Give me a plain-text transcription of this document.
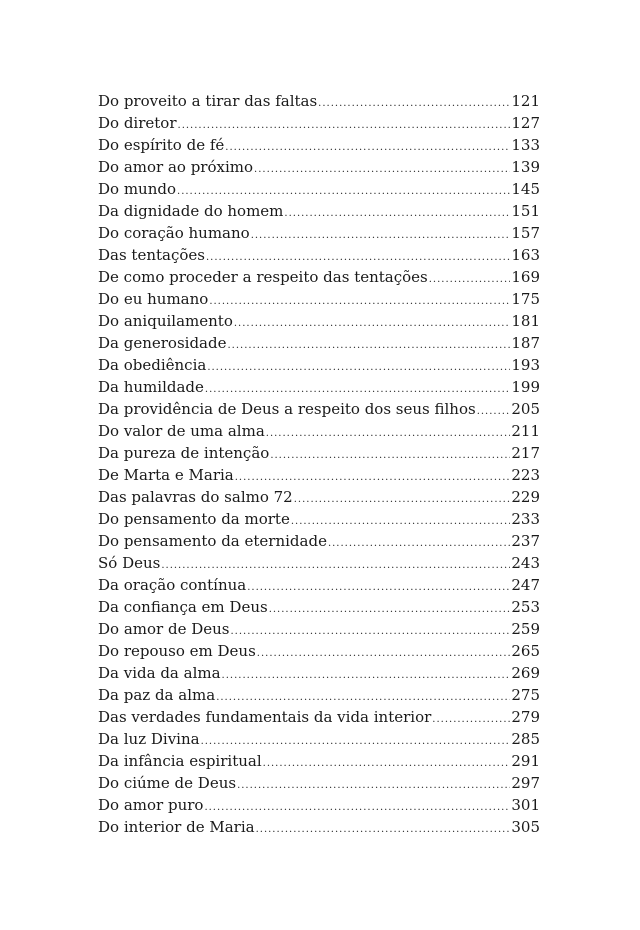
Do proveito a tirar das faltas .....	121
Do diretor .....	127
Do espírito de fé .....	133
Do amor ao próximo .....	139
Do mundo .....	145
Da dignidade do homem .....	151
Do coração humano .....	157
Das tentações .....	163
De como proceder a respeito das tentações .....	169
Do eu humano .....	175
Do aniquilamento .....	181
Da generosidade .....	187
Da obediência .....	193
Da humildade .....	199
Da providência de Deus a respeito dos seus filhos ..... 205
Do valor de uma alma .....	211
Da pureza de intenção .....	217
De Marta e Maria .....	223
Das palavras do salmo 72 .....	229
Do pensamento da morte .....	233
Do pensamento da eternidade .....	237
Só Deus .....	243
Da oração contínua .....	247
Da confiança em Deus .....	253
Do amor de Deus .....	259
Do repouso em Deus .....	265
Da vida da alma .....	269
Da paz da alma .....	275
Das verdades fundamentais da vida interior .....	279
Da luz Divina .....	285
Da infância espiritual .....	291
Do ciúme de Deus .....	297
Do amor puro .....	301
Do interior de Maria .....	305
